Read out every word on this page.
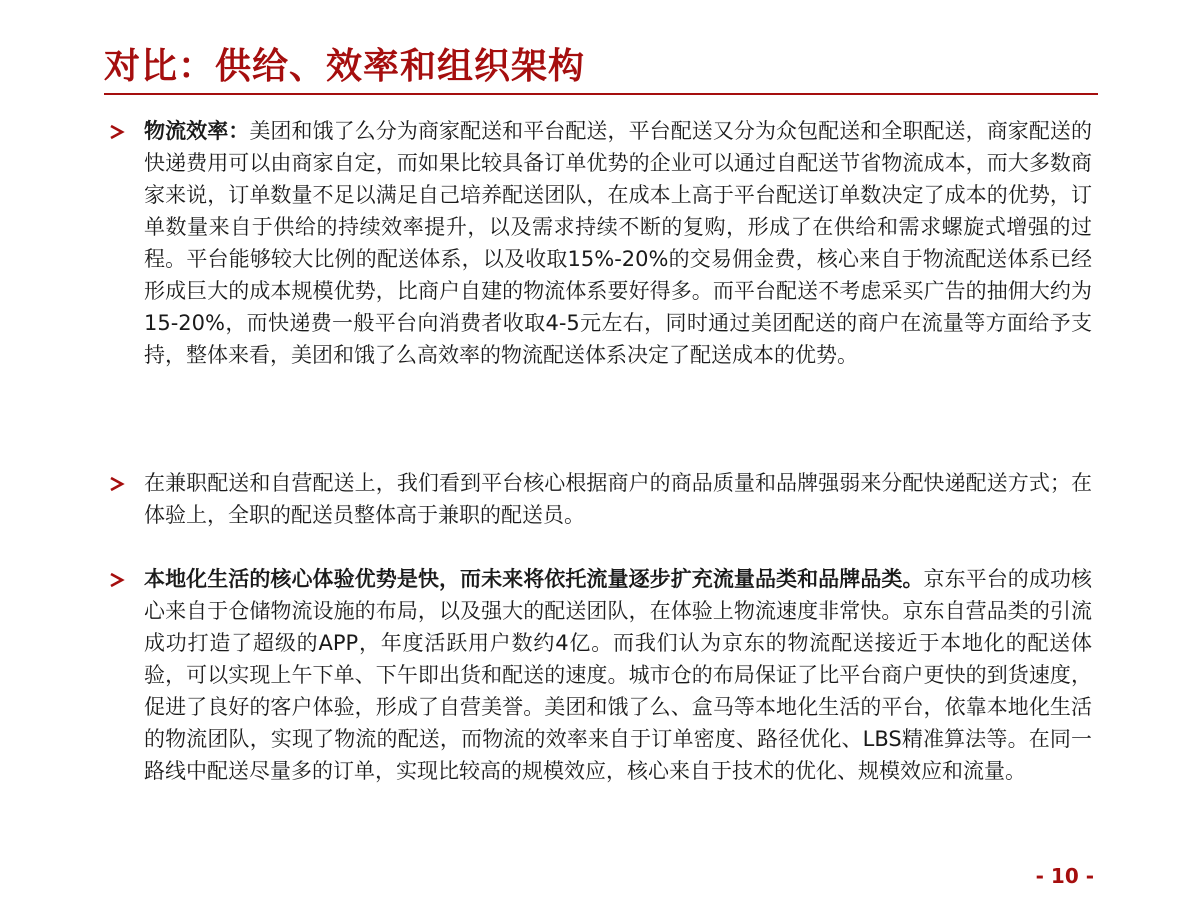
对比：供给、效率和组织架构
物流效率：美团和饿了么分为商家配送和平台配送，平台配送又分为众包配送和全职配送，商家配送的快递费用可以由商家自定，而如果比较具备订单优势的企业可以通过自配送节省物流成本，而大多数商家来说，订单数量不足以满足自己培养配送团队，在成本上高于平台配送订单数决定了成本的优势，订单数量来自于供给的持续效率提升，以及需求持续不断的复购，形成了在供给和需求螺旋式增强的过程。平台能够较大比例的配送体系，以及收取15%-20%的交易佣金费，核心来自于物流配送体系已经形成巨大的成本规模优势，比商户自建的物流体系要好得多。而平台配送不考虑采买广告的抽佣大约为15-20%，而快递费一般平台向消费者收取4-5元左右，同时通过美团配送的商户在流量等方面给予支持，整体来看，美团和饿了么高效率的物流配送体系决定了配送成本的优势。
在兼职配送和自营配送上，我们看到平台核心根据商户的商品质量和品牌强弱来分配快递配送方式；在体验上，全职的配送员整体高于兼职的配送员。
本地化生活的核心体验优势是快，而未来将依托流量逐步扩充流量品类和品牌品类。京东平台的成功核心来自于仓储物流设施的布局，以及强大的配送团队，在体验上物流速度非常快。京东自营品类的引流成功打造了超级的APP，年度活跃用户数约4亿。而我们认为京东的物流配送接近于本地化的配送体验，可以实现上午下单、下午即出货和配送的速度。城市仓的布局保证了比平台商户更快的到货速度，促进了良好的客户体验，形成了自营美誉。美团和饿了么、盒马等本地化生活的平台，依靠本地化生活的物流团队，实现了物流的配送，而物流的效率来自于订单密度、路径优化、LBS精准算法等。在同一路线中配送尽量多的订单，实现比较高的规模效应，核心来自于技术的优化、规模效应和流量。
- 10 -
